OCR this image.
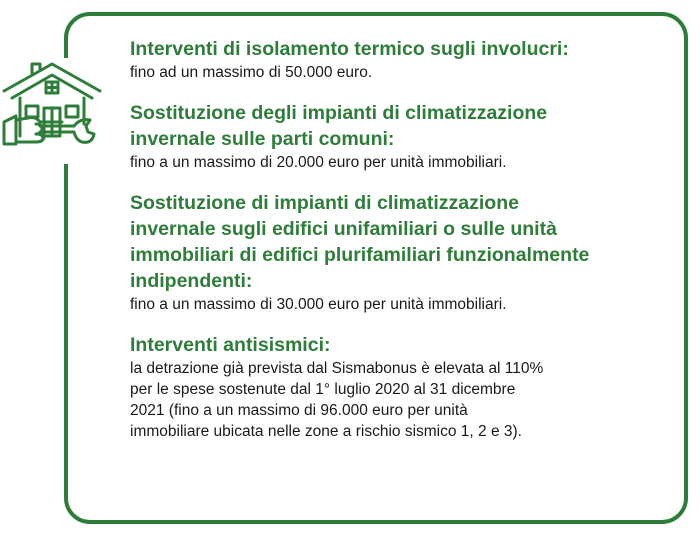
Interventi di isolamento termico sugli involucri:
fino ad un massimo di 50.000 euro.
Sostituzione degli impianti di climatizzazione
invernale sulle parti comuni:
fino a un massimo di 20.000 euro per unità immobiliari.
Sostituzione di impianti di climatizzazione
invernale sugli edifici unifamiliari o sulle unità
immobiliari di edifici plurifamiliari funzionalmente
indipendenti:
fino a un massimo di 30.000 euro per unità immobiliari.
Interventi antisismici:
la detrazione già prevista dal Sismabonus è elevata al 110%
per le spese sostenute dal 1° luglio 2020 al 31 dicembre
2021 (fino a un massimo di 96.000 euro per unità
immobiliare ubicata nelle zone a rischio sismico 1, 2 e 3).
